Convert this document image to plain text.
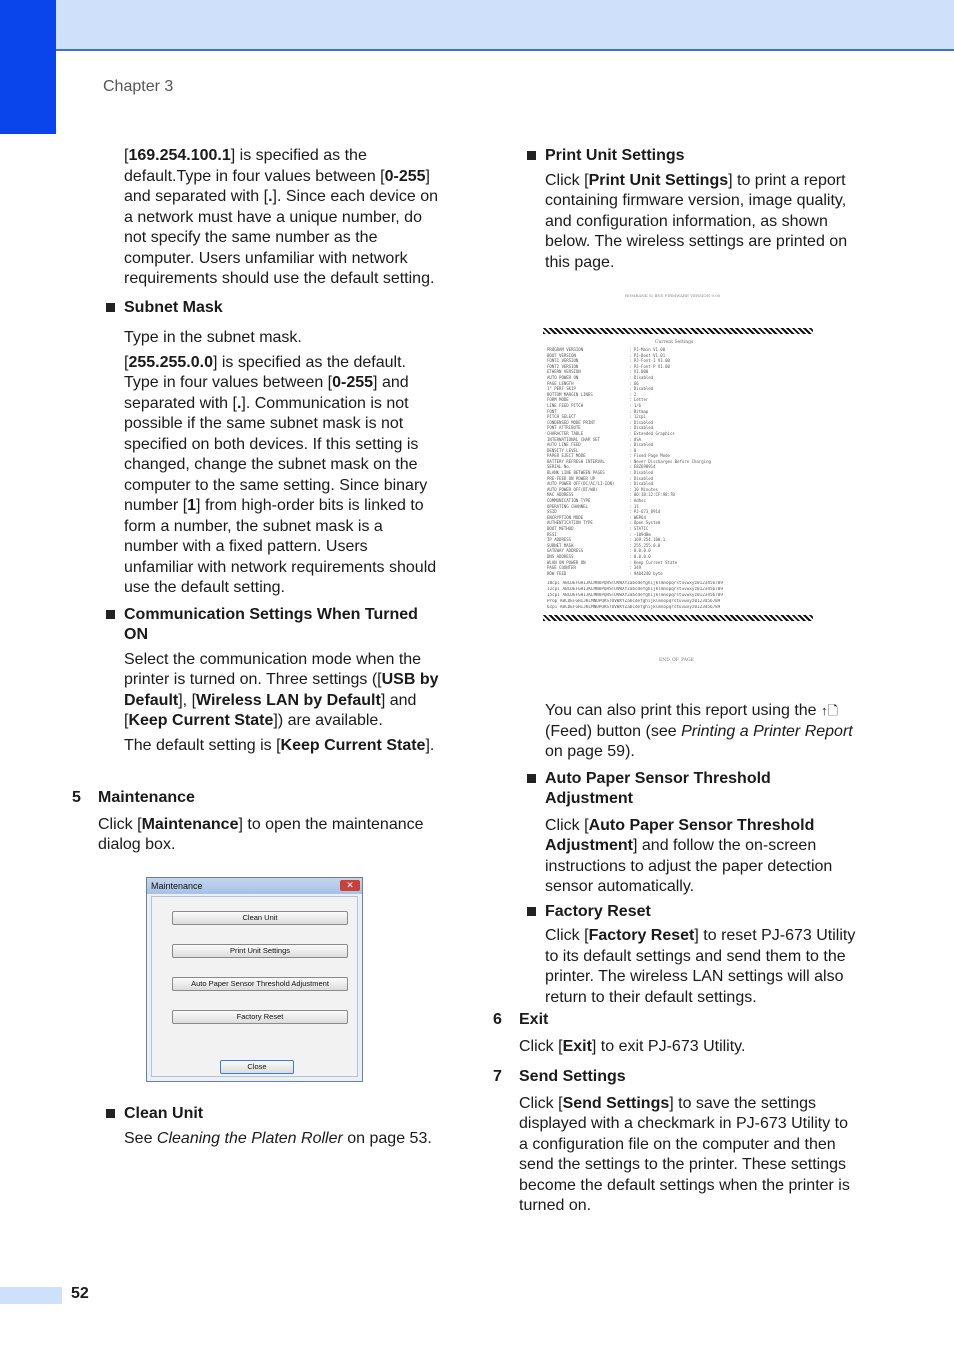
Chapter 3

[169.254.100.1] is specified as the default.Type in four values between [0-255] and separated with [.]. Since each device on a network must have a unique number, do not specify the same number as the computer. Users unfamiliar with network requirements should use the default setting.

Subnet Mask

Type in the subnet mask.

[255.255.0.0] is specified as the default. Type in four values between [0-255] and separated with [.]. Communication is not possible if the same subnet mask is not specified on both devices. If this setting is changed, change the subnet mask on the computer to the same setting. Since binary number [1] from high-order bits is linked to form a number, the subnet mask is a number with a fixed pattern. Users unfamiliar with network requirements should use the default setting.

Communication Settings When Turned ON

Select the communication mode when the printer is turned on. Three settings ([USB by Default], [Wireless LAN by Default] and [Keep Current State]) are available.

The default setting is [Keep Current State].

5 Maintenance

Click [Maintenance] to open the maintenance dialog box.

Maintenance	✕
Clean Unit
Print Unit Settings
Auto Paper Sensor Threshold Adjustment
Factory Reset
Close

Clean Unit

See Cleaning the Platen Roller on page 53.

Print Unit Settings

Click [Print Unit Settings] to print a report containing firmware version, image quality, and configuration information, as shown below. The wireless settings are printed on this page.

ROMBANK S/ BNS FIRMWARE VERSION 0.00
Current Settings
PROGRAM VERSION	: PJ-Main V1.00
BOOT VERSION	: PJ-Boot V1.01
FONT1 VERSION	: PJ-Font-1 V1.00
FONT2 VERSION	: PJ-Font-P V1.00
ETHERN VERSION	: V1.000
AUTO POWER ON	: Disabled
PAGE LENGTH	: 66
1" PERF SKIP	: Disabled
BOTTOM MARGIN LINES	: 2
FORM MODE	: Letter
LINE FEED PITCH	: 1/6
FONT	: Bitmap
PITCH SELECT	: 12cpi
CONDENSED MODE PRINT	: Disabled
FONT ATTRIBUTE	: Disabled
CHARACTER TABLE	: Extended Graphics
INTERNATIONAL CHAR SET	: USA
AUTO LINE FEED	: Disabled
DENSITY LEVEL	: 0
PAPER EJECT MODE	: Fixed Page Mode
BATTERY REFRESH INTERVAL	: Never Discharges Before Charging
SERIAL No.	: E8Z698914
BLANK LINE BETWEEN PAGES	: Disabled
PRE-FEED ON POWER UP	: Disabled
AUTO POWER OFF(DC/AC/LI-ION)	: Disabled
AUTO POWER OFF(BT/WB)	: 10 Minutes
MAC ADDRESS	: 00:1B:12:CF:98:7B
COMMUNICATION TYPE	: Adhoc
OPERATING CHANNEL	: 11
SSID	: PJ-673_8914
ENCRYPTION MODE	: WEP64
AUTHENTICATION TYPE	: Open System
BOOT METHOD	: STATIC
RSSI	: -109dBm
IP ADDRESS	: 169.254.100.1
SUBNET MASK	: 255.255.0.0
GATEWAY ADDRESS	: 0.0.0.0
DNS ADDRESS	: 0.0.0.0
WLAN ON POWER ON	: Keep Current State
PAGE COUNTER	: 349
ROW FEED	: 9404240 byte
10cpi ABCDEFGHIJKLMNOPQRSTUVWXYZabcdefghijklmnopqrstuvwxyz0123456789
12cpi ABCDEFGHIJKLMNOPQRSTUVWXYZabcdefghijklmnopqrstuvwxyz0123456789
15cpi ABCDEFGHIJKLMNOPQRSTUVWXYZabcdefghijklmnopqrstuvwxyz0123456789
Prop ABCDEFGHIJKLMNOPQRSTUVWXYZabcdefghijklmnopqrstuvwxyz0123456789
6cpi ABCDEFGHIJKLMNOPQRSTUVWXYZabcdefghijklmnopqrstuvwxyz0123456789
END_OF_PAGE

You can also print this report using the ↑🗋 (Feed) button (see Printing a Printer Report on page 59).

Auto Paper Sensor Threshold Adjustment

Click [Auto Paper Sensor Threshold Adjustment] and follow the on-screen instructions to adjust the paper detection sensor automatically.

Factory Reset

Click [Factory Reset] to reset PJ-673 Utility to its default settings and send them to the printer. The wireless LAN settings will also return to their default settings.

6 Exit

Click [Exit] to exit PJ-673 Utility.

7 Send Settings

Click [Send Settings] to save the settings displayed with a checkmark in PJ-673 Utility to a configuration file on the computer and then send the settings to the printer. These settings become the default settings when the printer is turned on.

52
